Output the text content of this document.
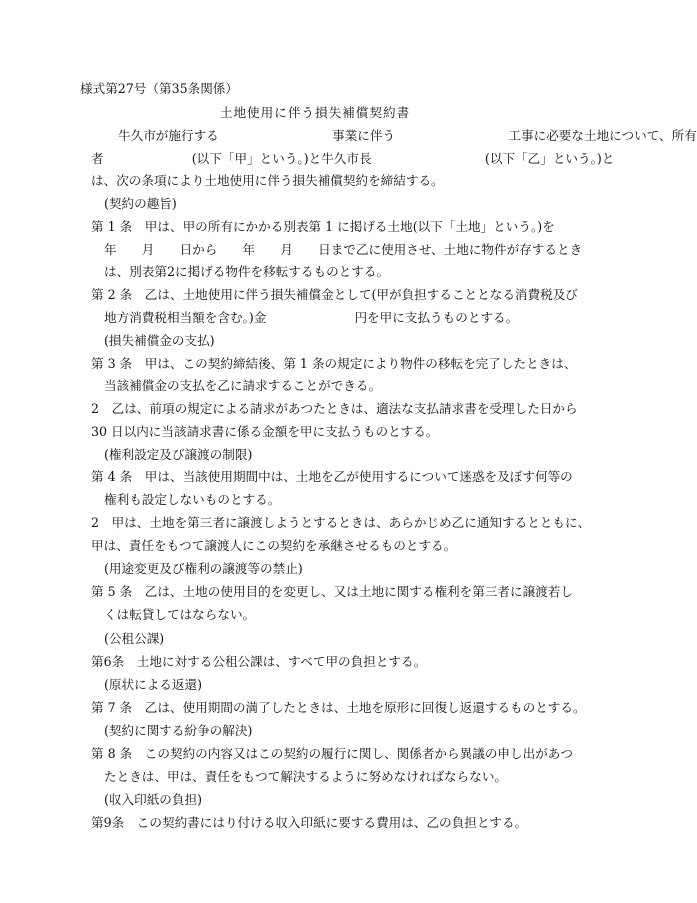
様式第27号（第35条関係）
土地使用に伴う損失補償契約書
牛久市が施行する　　　　　　　　　事業に伴う　　　　　　　　　工事に必要な土地について、所有
者　　　　　　　(以下「甲」という。)と牛久市長　　　　　　　　　(以下「乙」という。)と
は、次の条項により土地使用に伴う損失補償契約を締結する。
(契約の趣旨)
第 1 条　甲は、甲の所有にかかる別表第 1 に掲げる土地(以下「土地」という。)を
年　　月　　日から　　年　　月　　日まで乙に使用させ、土地に物件が存するとき
は、別表第2に掲げる物件を移転するものとする。
第 2 条　乙は、土地使用に伴う損失補償金として(甲が負担することとなる消費税及び
地方消費税相当額を含む。)金　　　　　　　円を甲に支払うものとする。
(損失補償金の支払)
第 3 条　甲は、この契約締結後、第 1 条の規定により物件の移転を完了したときは、
当該補償金の支払を乙に請求することができる。
2　乙は、前項の規定による請求があつたときは、適法な支払請求書を受理した日から
30 日以内に当該請求書に係る金額を甲に支払うものとする。
(権利設定及び譲渡の制限)
第 4 条　甲は、当該使用期間中は、土地を乙が使用するについて迷惑を及ぼす何等の
権利も設定しないものとする。
2　甲は、土地を第三者に譲渡しようとするときは、あらかじめ乙に通知するとともに、
甲は、責任をもつて譲渡人にこの契約を承継させるものとする。
(用途変更及び権利の譲渡等の禁止)
第 5 条　乙は、土地の使用目的を変更し、又は土地に関する権利を第三者に譲渡若し
くは転貸してはならない。
(公租公課)
第6条　土地に対する公租公課は、すべて甲の負担とする。
(原状による返還)
第 7 条　乙は、使用期間の満了したときは、土地を原形に回復し返還するものとする。
(契約に関する紛争の解決)
第 8 条　この契約の内容又はこの契約の履行に関し、関係者から異議の申し出があつ
たときは、甲は、責任をもつて解決するように努めなければならない。
(収入印紙の負担)
第9条　この契約書にはり付ける収入印紙に要する費用は、乙の負担とする。
